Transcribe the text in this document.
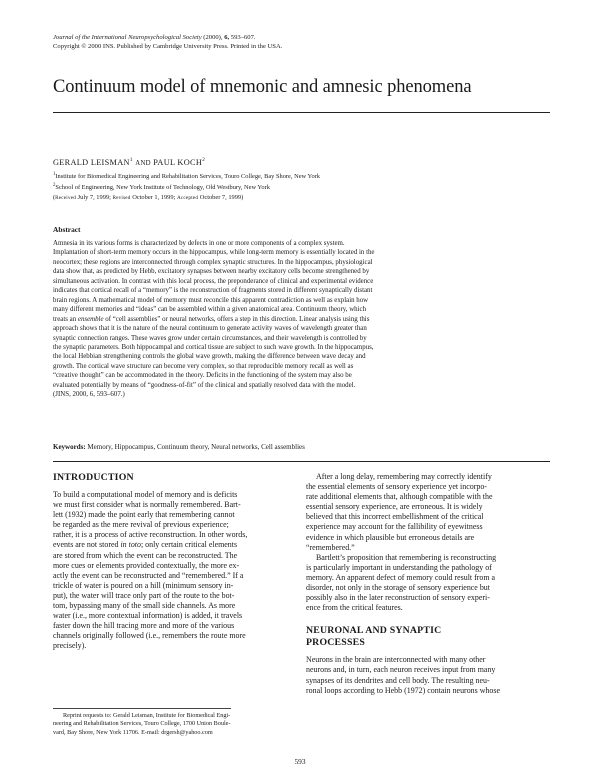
Journal of the International Neuropsychological Society (2000), 6, 593–607.
Copyright © 2000 INS. Published by Cambridge University Press. Printed in the USA.
Continuum model of mnemonic and amnesic phenomena
GERALD LEISMAN$^1$ AND PAUL KOCH$^2$
$^1$Institute for Biomedical Engineering and Rehabilitation Services, Touro College, Bay Shore, New York
$^2$School of Engineering, New York Institute of Technology, Old Westbury, New York
(Received July 7, 1999; Revised October 1, 1999; Accepted October 7, 1999)
Abstract
Amnesia in its various forms is characterized by defects in one or more components of a complex system.
Implantation of short-term memory occurs in the hippocampus, while long-term memory is essentially located in the
neocortex; these regions are interconnected through complex synaptic structures. In the hippocampus, physiological
data show that, as predicted by Hebb, excitatory synapses between nearby excitatory cells become strengthened by
simultaneous activation. In contrast with this local process, the preponderance of clinical and experimental evidence
indicates that cortical recall of a “memory” is the reconstruction of fragments stored in different synaptically distant
brain regions. A mathematical model of memory must reconcile this apparent contradiction as well as explain how
many different memories and “ideas” can be assembled within a given anatomical area. Continuum theory, which
treats an ensemble of “cell assemblies” or neural networks, offers a step in this direction. Linear analysis using this
approach shows that it is the nature of the neural continuum to generate activity waves of wavelength greater than
synaptic connection ranges. These waves grow under certain circumstances, and their wavelength is controlled by
the synaptic parameters. Both hippocampal and cortical tissue are subject to such wave growth. In the hippocampus,
the local Hebbian strengthening controls the global wave growth, making the difference between wave decay and
growth. The cortical wave structure can become very complex, so that reproducible memory recall as well as
“creative thought” can be accommodated in the theory. Deficits in the functioning of the system may also be
evaluated potentially by means of “goodness-of-fit” of the clinical and spatially resolved data with the model.
(JINS, 2000, 6, 593–607.)
Keywords: Memory, Hippocampus, Continuum theory, Neural networks, Cell assemblies
INTRODUCTION
To build a computational model of memory and is deficits
we must first consider what is normally remembered. Bart-
lett (1932) made the point early that remembering cannot
be regarded as the mere revival of previous experience;
rather, it is a process of active reconstruction. In other words,
events are not stored in toto; only certain critical elements
are stored from which the event can be reconstructed. The
more cues or elements provided contextually, the more ex-
actly the event can be reconstructed and “remembered.” If a
trickle of water is poured on a hill (minimum sensory in-
put), the water will trace only part of the route to the bot-
tom, bypassing many of the small side channels. As more
water (i.e., more contextual information) is added, it travels
faster down the hill tracing more and more of the various
channels originally followed (i.e., remembers the route more
precisely).
After a long delay, remembering may correctly identify
the essential elements of sensory experience yet incorpo-
rate additional elements that, although compatible with the
essential sensory experience, are erroneous. It is widely
believed that this incorrect embellishment of the critical
experience may account for the fallibility of eyewitness
evidence in which plausible but erroneous details are
“remembered.”
Bartlett’s proposition that remembering is reconstructing
is particularly important in understanding the pathology of
memory. An apparent defect of memory could result from a
disorder, not only in the storage of sensory experience but
possibly also in the later reconstruction of sensory experi-
ence from the critical features.
NEURONAL AND SYNAPTIC
PROCESSES
Neurons in the brain are interconnected with many other
neurons and, in turn, each neuron receives input from many
synapses of its dendrites and cell body. The resulting neu-
ronal loops according to Hebb (1972) contain neurons whose
Reprint requests to: Gerald Leisman, Institute for Biomedical Engi-
neering and Rehabilitation Services, Touro College, 1700 Union Boule-
vard, Bay Shore, New York 11706. E-mail: drgersh@yahoo.com
593
